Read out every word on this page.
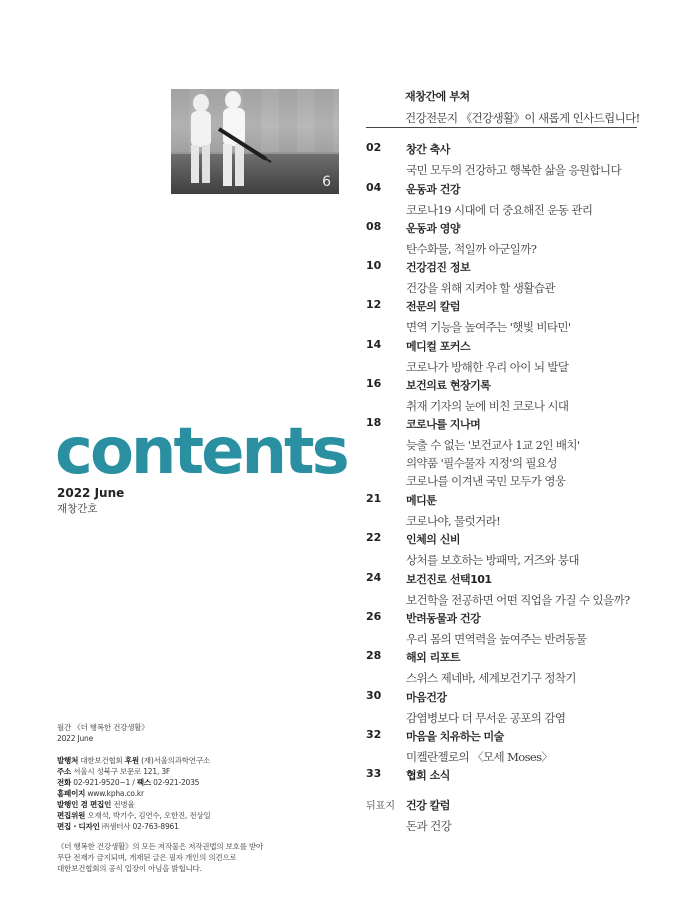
6
재창간에 부쳐
건강전문지 《건강생활》이 새롭게 인사드립니다!
02 창간 축사
국민 모두의 건강하고 행복한 삶을 응원합니다
04 운동과 건강
코로나19 시대에 더 중요해진 운동 관리
08 운동과 영양
탄수화물, 적일까 아군일까?
10 건강검진 정보
건강을 위해 지켜야 할 생활습관
12 전문의 칼럼
면역 기능을 높여주는 '햇빛 비타민'
14 메디컬 포커스
코로나가 방해한 우리 아이 뇌 발달
16 보건의료 현장기록
취재 기자의 눈에 비친 코로나 시대
18 코로나를 지나며
늦출 수 없는 '보건교사 1교 2인 배치'
의약품 '필수물자 지정'의 필요성
코로나를 이겨낸 국민 모두가 영웅
21 메디툰
코로나야, 물럿거라!
22 인체의 신비
상처를 보호하는 방패막, 거즈와 붕대
24 보건진로 선택101
보건학을 전공하면 어떤 직업을 가질 수 있을까?
26 반려동물과 건강
우리 몸의 면역력을 높여주는 반려동물
28 해외 리포트
스위스 제네바, 세계보건기구 정착기
30 마음건강
감염병보다 더 무서운 공포의 감염
32 마음을 치유하는 미술
미켈란젤로의 〈모세 Moses〉
33 협회 소식
뒤표지 건강 칼럼
돈과 건강
contents
2022 June
재창간호
월간 《더 행복한 건강생활》
2022 June
발행처 대한보건협회 후원 (재)서울의과학연구소
주소 서울시 성북구 보문로 121, 3F
전화 02-921-9520~1 / 팩스 02-921-2035
홈페이지 www.kpha.co.kr
발행인 겸 편집인 전병율
편집위원 오재석, 박기수, 김연수, 오한진, 전상일
편집 · 디자인 ㈜샘터사 02-763-8961
《더 행복한 건강생활》의 모든 저작물은 저작권법의 보호를 받아
무단 전재가 금지되며, 게재된 글은 필자 개인의 의견으로
대한보건협회의 공식 입장이 아님을 밝힙니다.
